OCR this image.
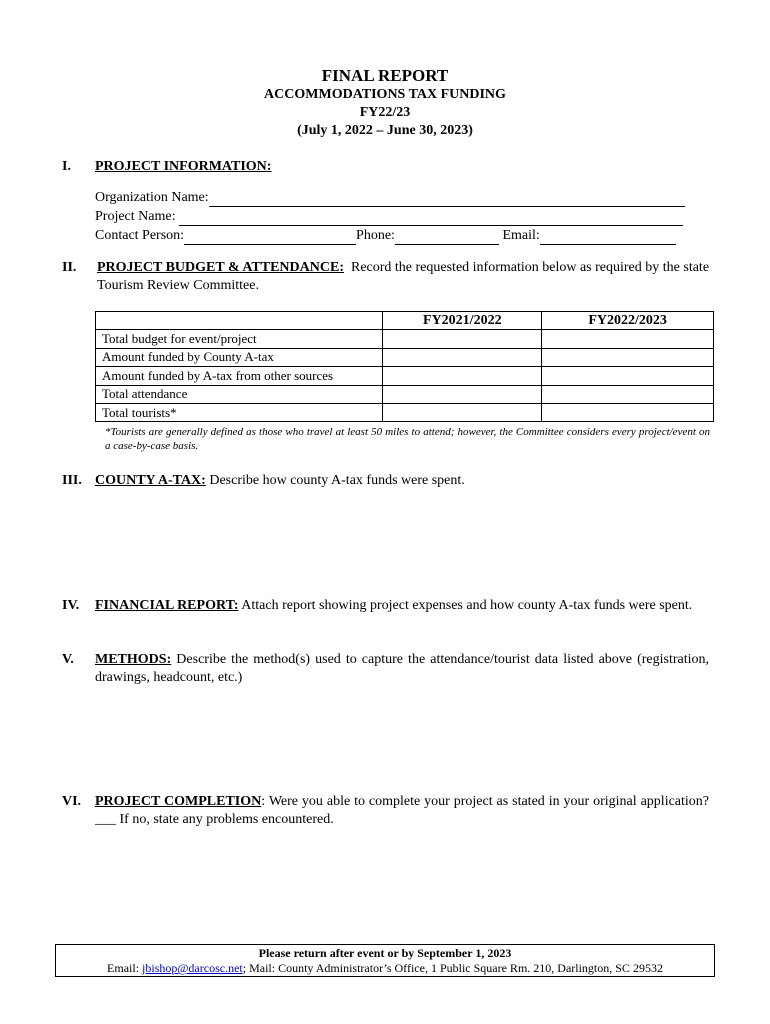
FINAL REPORT
ACCOMMODATIONS TAX FUNDING
FY22/23
(July 1, 2022 – June 30, 2023)
I. PROJECT INFORMATION:
Organization Name:
Project Name:
Contact Person:	Phone:	Email:
II. PROJECT BUDGET & ATTENDANCE:  Record the requested information below as required by the state Tourism Review Committee.

	FY2021/2022	FY2022/2023
Total budget for event/project		
Amount funded by County A-tax		
Amount funded by A-tax from other sources		
Total attendance		
Total tourists*		
*Tourists are generally defined as those who travel at least 50 miles to attend; however, the Committee considers every project/event on a case-by-case basis.
III. COUNTY A-TAX: Describe how county A-tax funds were spent.

IV. FINANCIAL REPORT: Attach report showing project expenses and how county A-tax funds were spent.

V. METHODS: Describe the method(s) used to capture the attendance/tourist data listed above (registration, drawings, headcount, etc.)

VI. PROJECT COMPLETION: Were you able to complete your project as stated in your original application?___ If no, state any problems encountered.

Please return after event or by September 1, 2023
Email: jbishop@darcosc.net; Mail: County Administrator’s Office, 1 Public Square Rm. 210, Darlington, SC 29532
